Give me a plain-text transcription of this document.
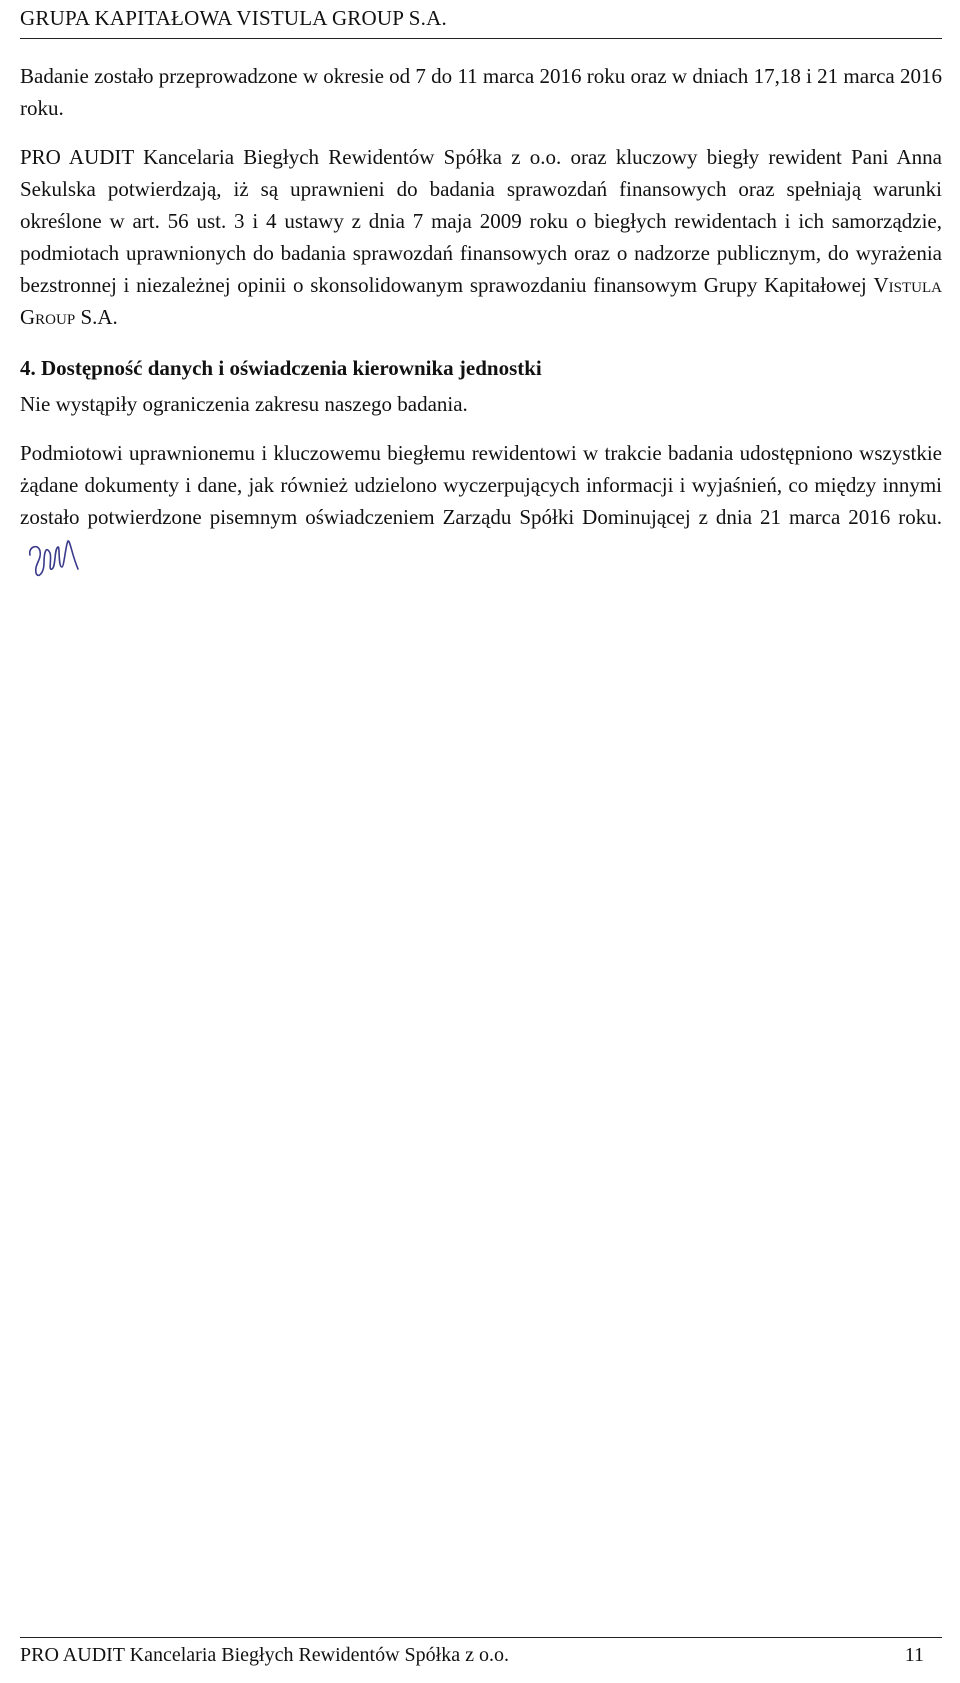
GRUPA KAPITAŁOWA VISTULA GROUP S.A.

Badanie zostało przeprowadzone w okresie od 7 do 11 marca 2016 roku oraz w dniach 17,18 i 21 marca 2016 roku.

PRO AUDIT Kancelaria Biegłych Rewidentów Spółka z o.o. oraz kluczowy biegły rewident Pani Anna Sekulska potwierdzają, iż są uprawnieni do badania sprawozdań finansowych oraz spełniają warunki określone w art. 56 ust. 3 i 4 ustawy z dnia 7 maja 2009 roku o biegłych rewidentach i ich samorządzie, podmiotach uprawnionych do badania sprawozdań finansowych oraz o nadzorze publicznym, do wyrażenia bezstronnej i niezależnej opinii o skonsolidowanym sprawozdaniu finansowym Grupy Kapitałowej Vistula Group S.A.

4. Dostępność danych i oświadczenia kierownika jednostki

Nie wystąpiły ograniczenia zakresu naszego badania.

Podmiotowi uprawnionemu i kluczowemu biegłemu rewidentowi w trakcie badania udostępniono wszystkie żądane dokumenty i dane, jak również udzielono wyczerpujących informacji i wyjaśnień, co między innymi zostało potwierdzone pisemnym oświadczeniem Zarządu Spółki Dominującej z dnia 21 marca 2016 roku.

PRO AUDIT Kancelaria Biegłych Rewidentów Spółka z o.o.	11
